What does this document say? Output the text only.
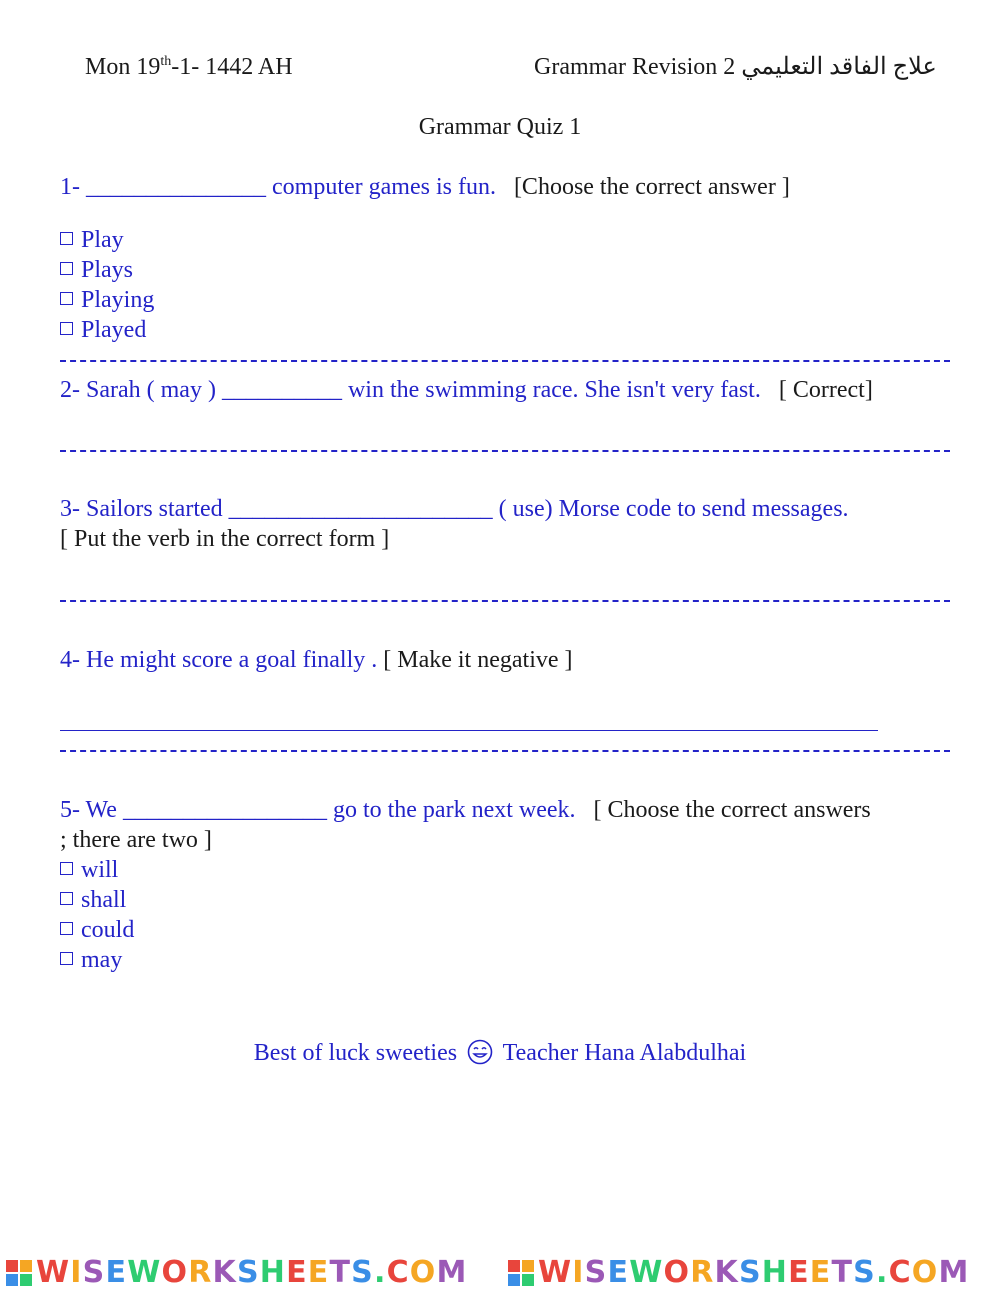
Mon 19th-1- 1442 AH	Grammar Revision 2 علاج الفاقد التعليمي
Grammar Quiz 1
1- _______________ computer games is fun. [Choose the correct answer ]
Play
Plays
Playing
Played
2- Sarah ( may ) __________ win the swimming race. She isn't very fast. [ Correct]
3- Sailors started ______________________ ( use) Morse code to send messages.
[ Put the verb in the correct form ]
4- He might score a goal finally . [ Make it negative ]
5- We _________________ go to the park next week. [ Choose the correct answers
; there are two ]
will
shall
could
may
Best of luck sweeties Teacher Hana Alabdulhai
WISEWORKSHEETS.COM WISEWORKSHEETS.COM
